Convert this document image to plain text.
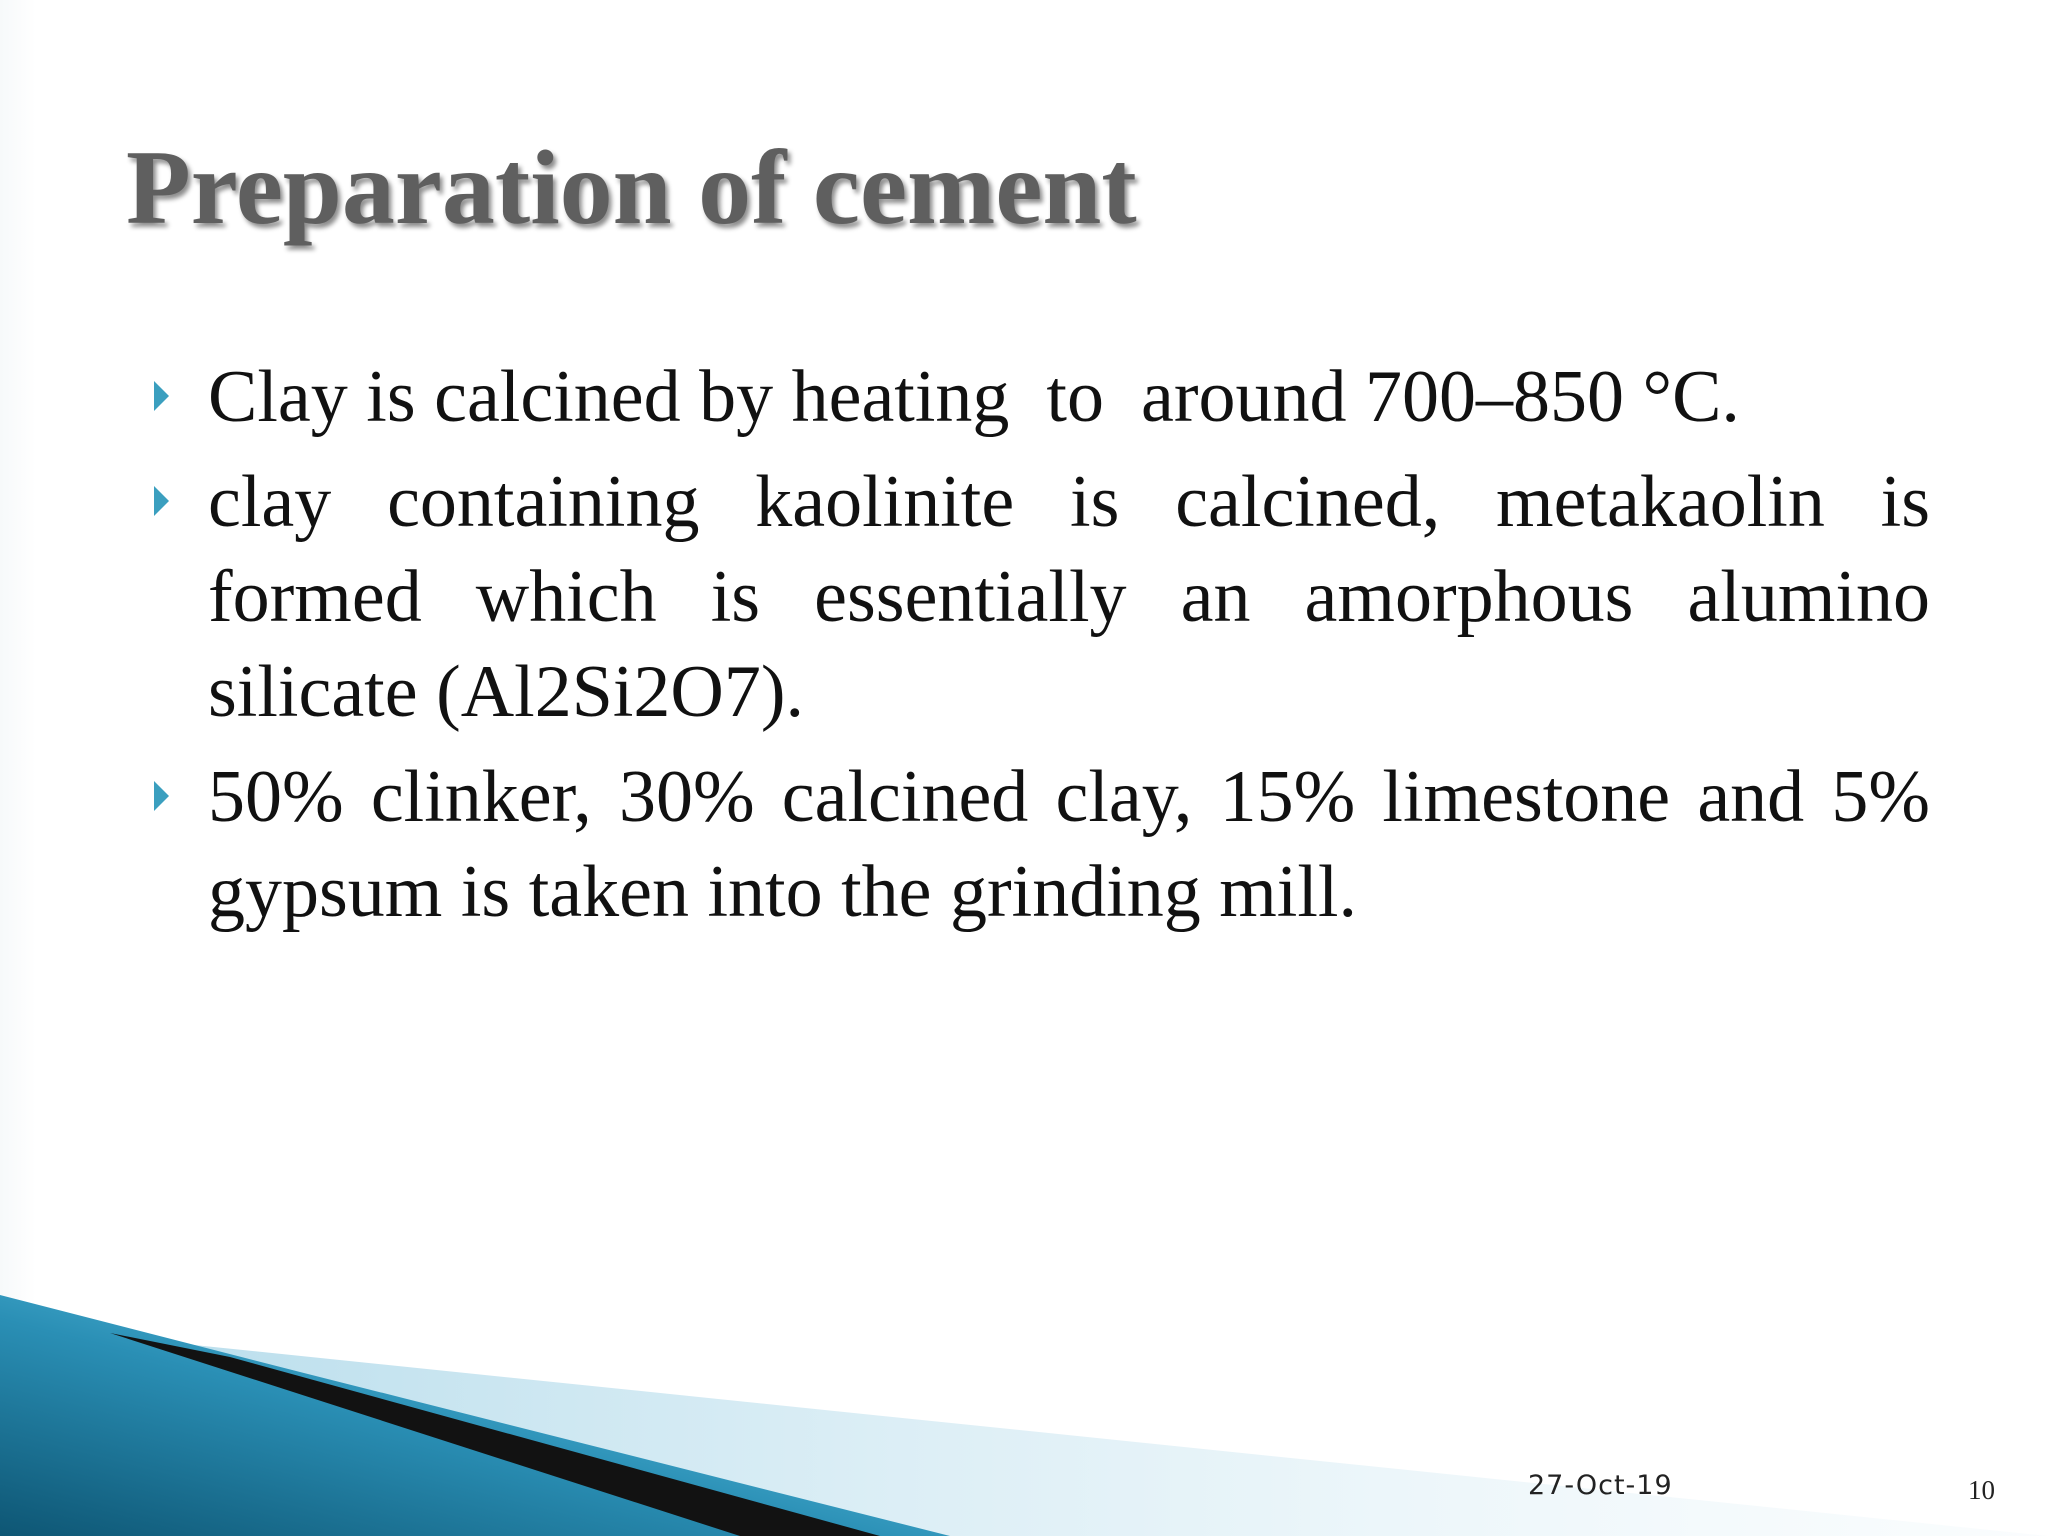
Preparation of cement
Clay is calcined by heating  to  around 700–850 °C.
clay containing kaolinite is calcined, metakaolin is formed which is essentially an amorphous alumino silicate (Al2Si2O7).
50% clinker, 30% calcined clay, 15% limestone and 5% gypsum is taken into the grinding mill.
27-Oct-19	10
